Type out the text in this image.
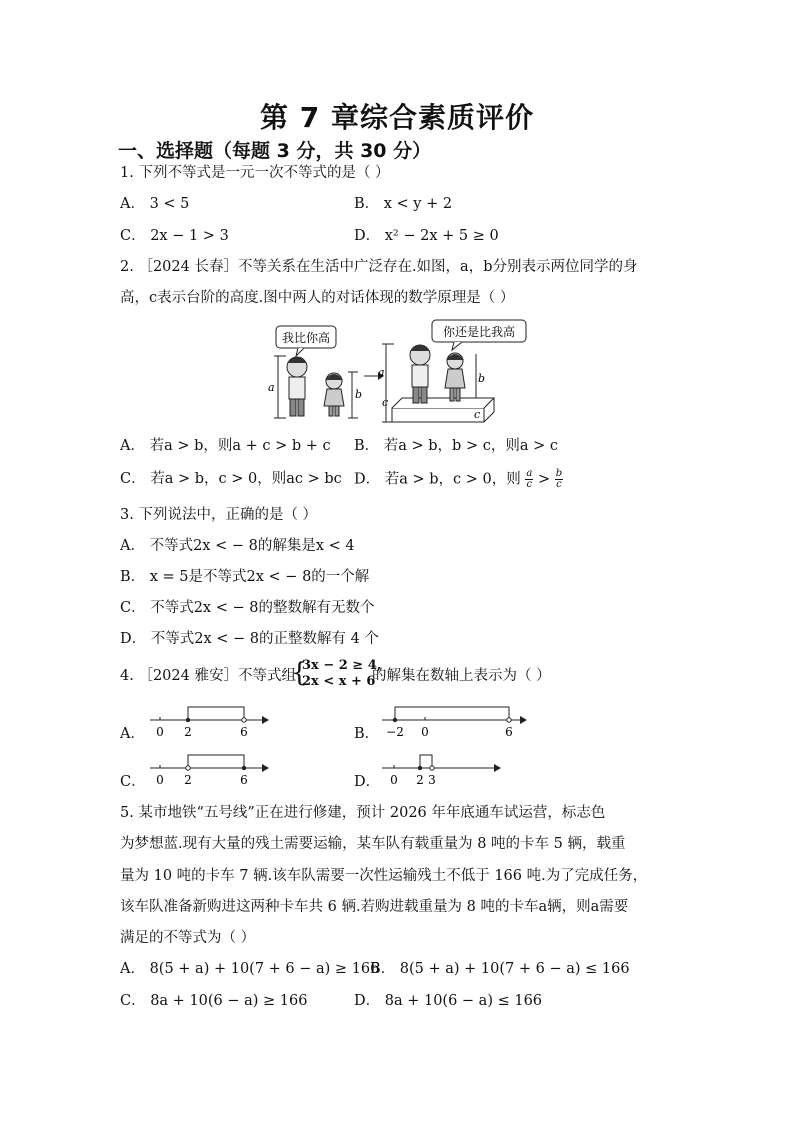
第 7 章综合素质评价
一、选择题（每题 3 分，共 30 分）
1. 下列不等式是一元一次不等式的是（ ）
A． 3 < 5	B． x < y + 2
C． 2x − 1 > 3	D． x² − 2x + 5 ≥ 0
2. ［2024 长春］不等关系在生活中广泛存在.如图，a，b分别表示两位同学的身
高，c表示台阶的高度.图中两人的对话体现的数学原理是（ ）
我比你高
a
b
你还是比我高
a
c
b
c
A． 若a > b，则a + c > b + c B． 若a > b，b > c，则a > c
C． 若a > b，c > 0，则ac > bc D． 若a > b，c > 0，则 $\frac{a}{c} > \frac{b}{c}$
3. 下列说法中，正确的是（ ）
A． 不等式2x < − 8的解集是x < 4
B． x = 5是不等式2x < − 8的一个解
C． 不等式2x < − 8的整数解有无数个
D． 不等式2x < − 8的正整数解有 4 个
4. ［2024 雅安］不等式组
{
3x − 2 ≥ 4,
2x < x + 6
的解集在数轴上表示为（ ）
A． 0 2	6	B． −2 0	6
C． 0 2	6	D． 0 2 3
5. 某市地铁“五号线”正在进行修建，预计 2026 年年底通车试运营，标志色
为梦想蓝.现有大量的残土需要运输，某车队有载重量为 8 吨的卡车 5 辆，载重
量为 10 吨的卡车 7 辆.该车队需要一次性运输残土不低于 166 吨.为了完成任务，
该车队准备新购进这两种卡车共 6 辆.若购进载重量为 8 吨的卡车a辆，则a需要
满足的不等式为（ ）
A． 8(5 + a) + 10(7 + 6 − a) ≥ 166
B． 8(5 + a) + 10(7 + 6 − a) ≤ 166
C． 8a + 10(6 − a) ≥ 166	D． 8a + 10(6 − a) ≤ 166
